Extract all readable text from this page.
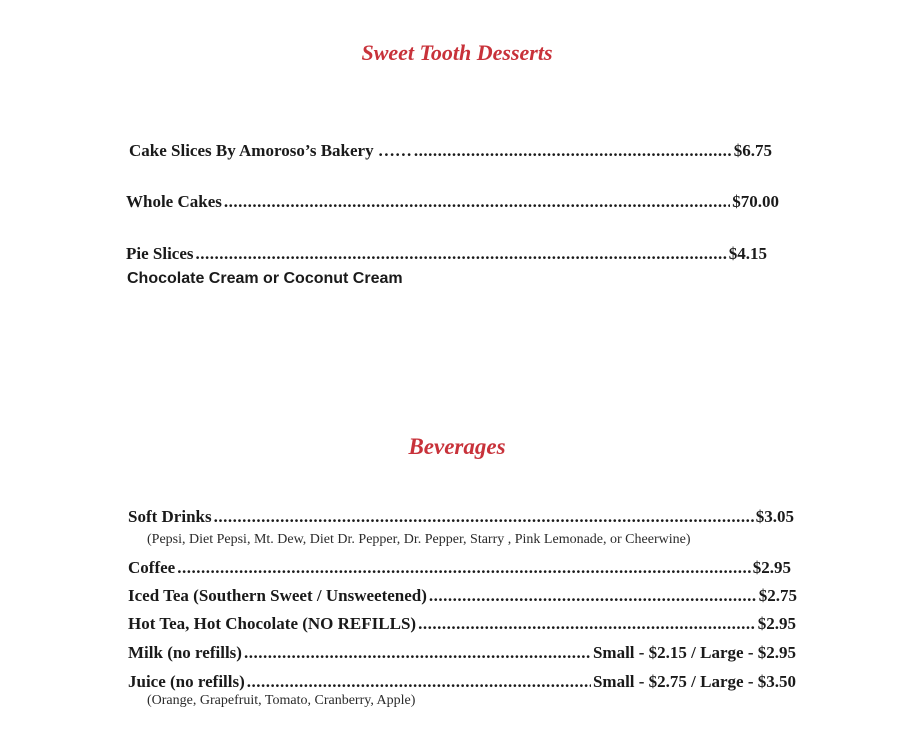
Sweet Tooth Desserts
Cake Slices By Amoroso’s Bakery …… .....	$6.75
Whole Cakes .....	$70.00
Pie Slices .....	$4.15
Chocolate Cream or Coconut Cream
Beverages
Soft Drinks .....	$3.05
(Pepsi, Diet Pepsi, Mt. Dew, Diet Dr. Pepper, Dr. Pepper, Starry , Pink Lemonade, or Cheerwine)
Coffee .....	$2.95
Iced Tea (Southern Sweet / Unsweetened) .....	$2.75
Hot Tea, Hot Chocolate (NO REFILLS) .....	$2.95
Milk (no refills) .....	Small - $2.15 / Large - $2.95
Juice (no refills) .....	Small - $2.75 / Large - $3.50
(Orange, Grapefruit, Tomato, Cranberry, Apple)
